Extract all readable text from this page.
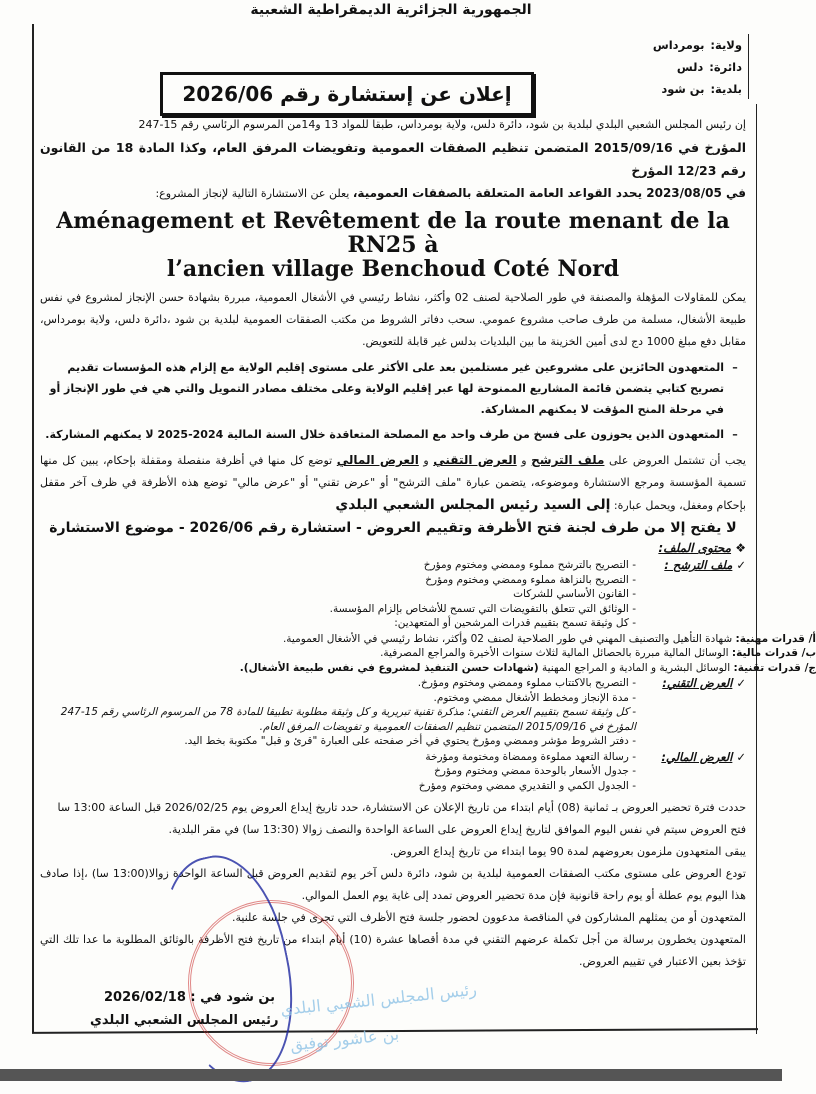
الجمهورية الجزائرية الديمقراطية الشعبية
ولاية:بومرداس
دائرة:دلس
بلدية:بن شود
إعلان عن إستشارة رقم 2026/06

إن رئيس المجلس الشعبي البلدي لبلدية بن شود، دائرة دلس، ولاية بومرداس، طبقا للمواد 13 و14من المرسوم الرئاسي رقم 15-247

المؤرخ في 2015/09/16 المتضمن تنظيم الصفقات العمومية وتفويضات المرفق العام، وكذا المادة 18 من القانون رقم 12/23 المؤرخ

في 2023/08/05 يحدد القواعد العامة المتعلقة بالصفقات العمومية، يعلن عن الاستشارة التالية لإنجاز المشروع:

Aménagement et Revêtement de la route menant de la RN25 à
l’ancien village Benchoud Coté Nord

يمكن للمقاولات المؤهلة والمصنفة في طور الصلاحية لصنف 02 وأكثر، نشاط رئيسي في الأشغال العمومية، مبررة بشهادة حسن الإنجاز لمشروع في نفس طبيعة الأشغال، مسلمة من طرف صاحب مشروع عمومي. سحب دفاتر الشروط من مكتب الصفقات العمومية لبلدية بن شود ،دائرة دلس، ولاية بومرداس، مقابل دفع مبلغ 1000 دج لدى أمين الخزينة ما بين البلديات بدلس غير قابلة للتعويض.

–
المتعهدون الحائزين على مشروعين غير مستلمين بعد على الأكثر على مستوى إقليم الولاية مع إلزام هذه المؤسسات تقديم تصريح كتابي يتضمن قائمة المشاريع الممنوحة لها عبر إقليم الولاية وعلى مختلف مصادر التمويل والتي هي في طور الإنجاز أو في مرحلة المنح المؤقت لا يمكنهم المشاركة.
–
المتعهدون الذين يحوزون على فسخ من طرف واحد مع المصلحة المتعاقدة خلال السنة المالية 2024-2025 لا يمكنهم المشاركة.

يجب أن تشتمل العروض على ملف الترشح و العرض التقني و العرض المالي توضع كل منها في أظرفة منفصلة ومقفلة بإحكام، يبين كل منها تسمية المؤسسة ومرجع الاستشارة وموضوعه، يتضمن عبارة "ملف الترشح" أو "عرض تقني" أو "عرض مالي" توضع هذه الأظرفة في ظرف آخر مقفل بإحكام ومغفل، ويحمل عبارة: إلى السيد رئيس المجلس الشعبي البلدي

لا يفتح إلا من طرف لجنة فتح الأظرفة وتقييم العروض - استشارة رقم 2026/06 - موضوع الاستشارة
❖ محتوى الملف:
✓ ملف الترشح :
- التصريح بالترشح مملوء وممضي ومختوم ومؤرخ
- التصريح بالنزاهة مملوء وممضي ومختوم ومؤرخ
- القانون الأساسي للشركات
- الوثائق التي تتعلق بالتفويضات التي تسمح للأشخاص بإلزام المؤسسة.
- كل وثيقة تسمح بتقييم قدرات المرشحين أو المتعهدين:
أ/ قدرات مهنية: شهادة التأهيل والتصنيف المهني في طور الصلاحية لصنف 02 وأكثر، نشاط رئيسي في الأشغال العمومية.
ب/ قدرات مالية: الوسائل المالية مبررة بالحصائل المالية لثلاث سنوات الأخيرة والمراجع المصرفية.
ج/ قدرات تقنية: الوسائل البشرية و المادية و المراجع المهنية (شهادات حسن التنفيذ لمشروع في نفس طبيعة الأشغال).
✓ العرض التقني:
- التصريح بالاكتتاب مملوء وممضي ومختوم ومؤرخ.
- مدة الإنجاز ومخطط الأشغال ممضي ومختوم.
- كل وثيقة تسمح بتقييم العرض التقني: مذكرة تقنية تبريرية و كل وثيقة مطلوبة تطبيقا للمادة 78 من المرسوم الرئاسي رقم 15-247 المؤرخ في 2015/09/16 المتضمن تنظيم الصفقات العمومية و تفويضات المرفق العام.
- دفتر الشروط مؤشر وممضي ومؤرخ يحتوي في أخر صفحته على العبارة "قرئ و قبل" مكتوبة بخط اليد.
✓ العرض المالي:
- رسالة التعهد مملوءة وممضاة ومختومة ومؤرخة
- جدول الأسعار بالوحدة ممضي ومختوم ومؤرخ
- الجدول الكمي و التقديري ممضي ومختوم ومؤرخ

حددت فترة تحضير العروض بـ ثمانية (08) أيام ابتداء من تاريخ الإعلان عن الاستشارة، حدد تاريخ إيداع العروض يوم 2026/02/25 قبل الساعة 13:00 سا

فتح العروض سيتم في نفس اليوم الموافق لتاريخ إيداع العروض على الساعة الواحدة والنصف زوالا (13:30 سا) في مقر البلدية.

يبقى المتعهدون ملزمون بعروضهم لمدة 90 يوما ابتداء من تاريخ إيداع العروض.

تودع العروض على مستوى مكتب الصفقات العمومية لبلدية بن شود، دائرة دلس آخر يوم لتقديم العروض قبل الساعة الواحدة زوالا(13:00 سا) ،إذا صادف هذا اليوم يوم عطلة أو يوم راحة قانونية فإن مدة تحضير العروض تمدد إلى غاية يوم العمل الموالي.

المتعهدون أو من يمثلهم المشاركون في المناقصة مدعوون لحضور جلسة فتح الأظرف التي تجرى في جلسة علنية.

المتعهدون يخطرون برسالة من أجل تكملة عرضهم التقني في مدة أقصاها عشرة (10) أيام ابتداء من تاريخ فتح الأظرفة بالوثائق المطلوبة ما عدا تلك التي تؤخذ بعين الاعتبار في تقييم العروض.

رئيس المجلس الشعبي البلدي
بن عاشور توفيق
بن شود في : 2026/02/18
رئيس المجلس الشعبي البلدي
